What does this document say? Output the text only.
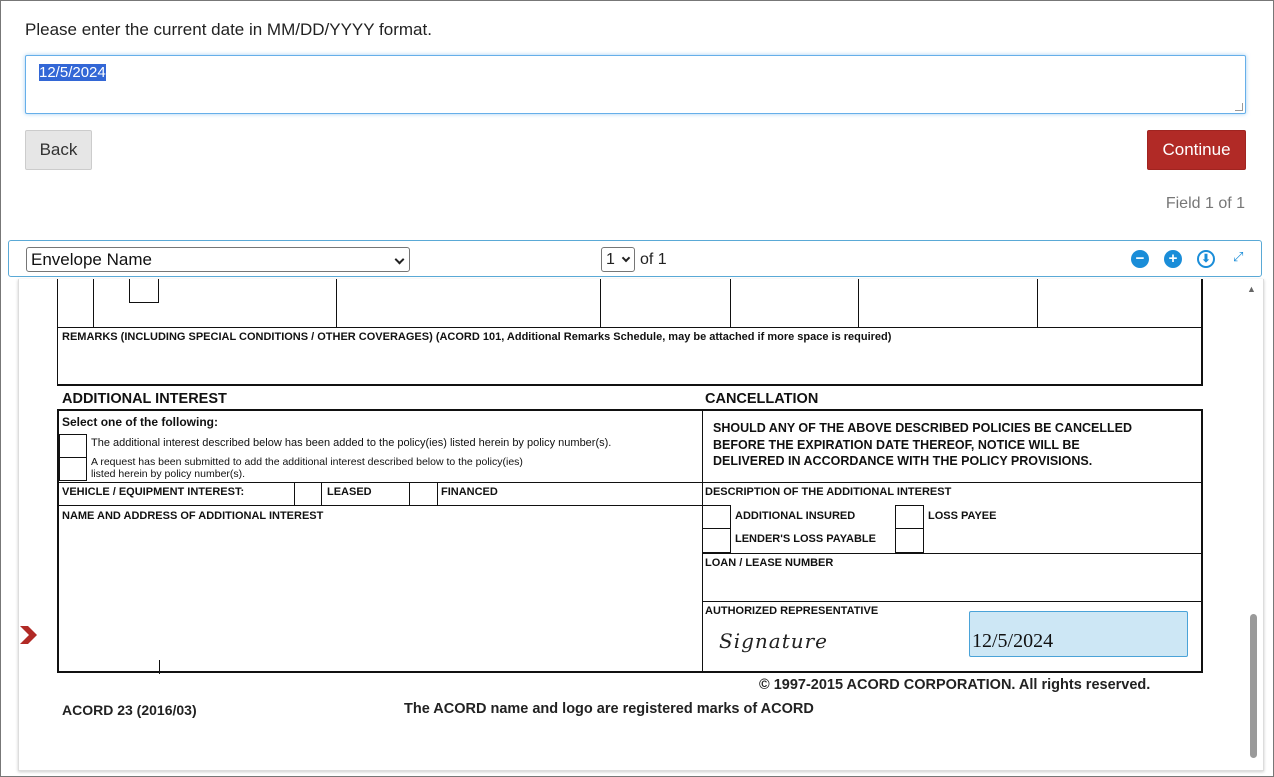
Please enter the current date in MM/DD/YYYY format.
12/5/2024
Back	Continue
Field 1 of 1
Envelope Name	1	of 1	−	+	⬇	⤢
REMARKS (INCLUDING SPECIAL CONDITIONS / OTHER COVERAGES) (ACORD 101, Additional Remarks Schedule, may be attached if more space is required)
ADDITIONAL INTEREST	CANCELLATION
Select one of the following:
The additional interest described below has been added to the policy(ies) listed herein by policy number(s).
A request has been submitted to add the additional interest described below to the policy(ies)
listed herein by policy number(s).
SHOULD ANY OF THE ABOVE DESCRIBED POLICIES BE CANCELLED
BEFORE THE EXPIRATION DATE THEREOF, NOTICE WILL BE
DELIVERED IN ACCORDANCE WITH THE POLICY PROVISIONS.
VEHICLE / EQUIPMENT INTEREST:	LEASED	FINANCED	DESCRIPTION OF THE ADDITIONAL INTEREST
NAME AND ADDRESS OF ADDITIONAL INTEREST	ADDITIONAL INSURED	LOSS PAYEE
LENDER'S LOSS PAYABLE
LOAN / LEASE NUMBER
AUTHORIZED REPRESENTATIVE
Signature	12/5/2024
© 1997-2015 ACORD CORPORATION. All rights reserved.
ACORD 23 (2016/03)	The ACORD name and logo are registered marks of ACORD
▲
